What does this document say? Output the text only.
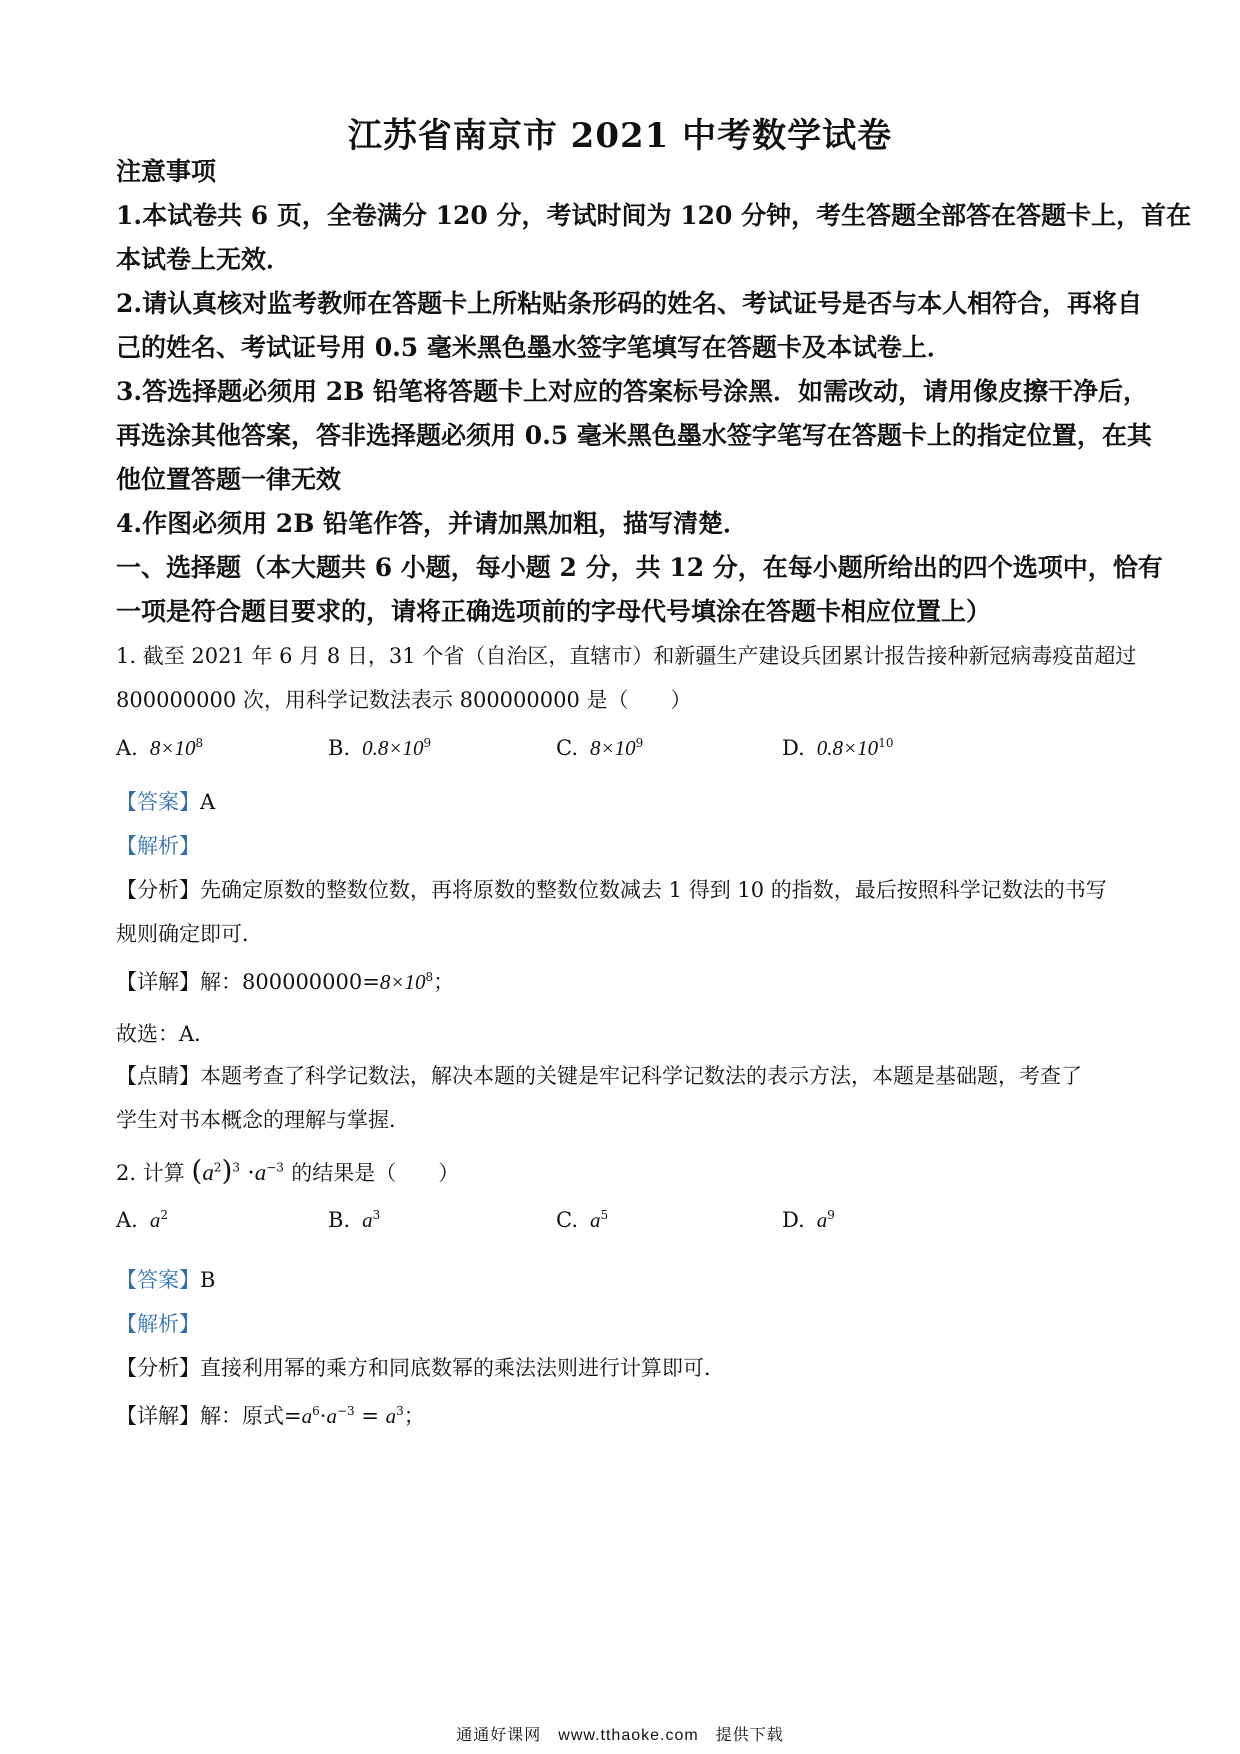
江苏省南京市 2021 中考数学试卷
注意事项
1.本试卷共 6 页，全卷满分 120 分，考试时间为 120 分钟，考生答题全部答在答题卡上，首在
本试卷上无效．
2.请认真核对监考教师在答题卡上所粘贴条形码的姓名、考试证号是否与本人相符合，再将自
己的姓名、考试证号用 0.5 毫米黑色墨水签字笔填写在答题卡及本试卷上．
3.答选择题必须用 2B 铅笔将答题卡上对应的答案标号涂黑．如需改动，请用像皮擦干净后，
再选涂其他答案，答非选择题必须用 0.5 毫米黑色墨水签字笔写在答题卡上的指定位置，在其
他位置答题一律无效
4.作图必须用 2B 铅笔作答，并请加黑加粗，描写清楚．
一、选择题（本大题共 6 小题，每小题 2 分，共 12 分，在每小题所给出的四个选项中，恰有
一项是符合题目要求的，请将正确选项前的字母代号填涂在答题卡相应位置上）
1. 截至 2021 年 6 月 8 日，31 个省（自治区，直辖市）和新疆生产建设兵团累计报告接种新冠病毒疫苗超过
800000000 次，用科学记数法表示 800000000 是（　　）
A. $8\times 10^8$	B. $0.8\times 10^9$	C. $8\times 10^9$	D. $0.8\times 10^{10}$
【答案】A
【解析】
【分析】先确定原数的整数位数，再将原数的整数位数减去 1 得到 10 的指数，最后按照科学记数法的书写
规则确定即可．
【详解】解：$800000000=8\times 10^8$；
故选：A．
【点睛】本题考查了科学记数法，解决本题的关键是牢记科学记数法的表示方法，本题是基础题，考查了
学生对书本概念的理解与掌握．
2. 计算 $(a^2)^3 \cdot a^{-3}$ 的结果是（　　）
A. $a^2$	B. $a^3$	C. $a^5$	D. $a^9$
【答案】B
【解析】
【分析】直接利用幂的乘方和同底数幂的乘法法则进行计算即可．
【详解】解：原式$=a^6\cdot a^{-3} = a^3$；
通通好课网　www.tthaoke.com　提供下载
